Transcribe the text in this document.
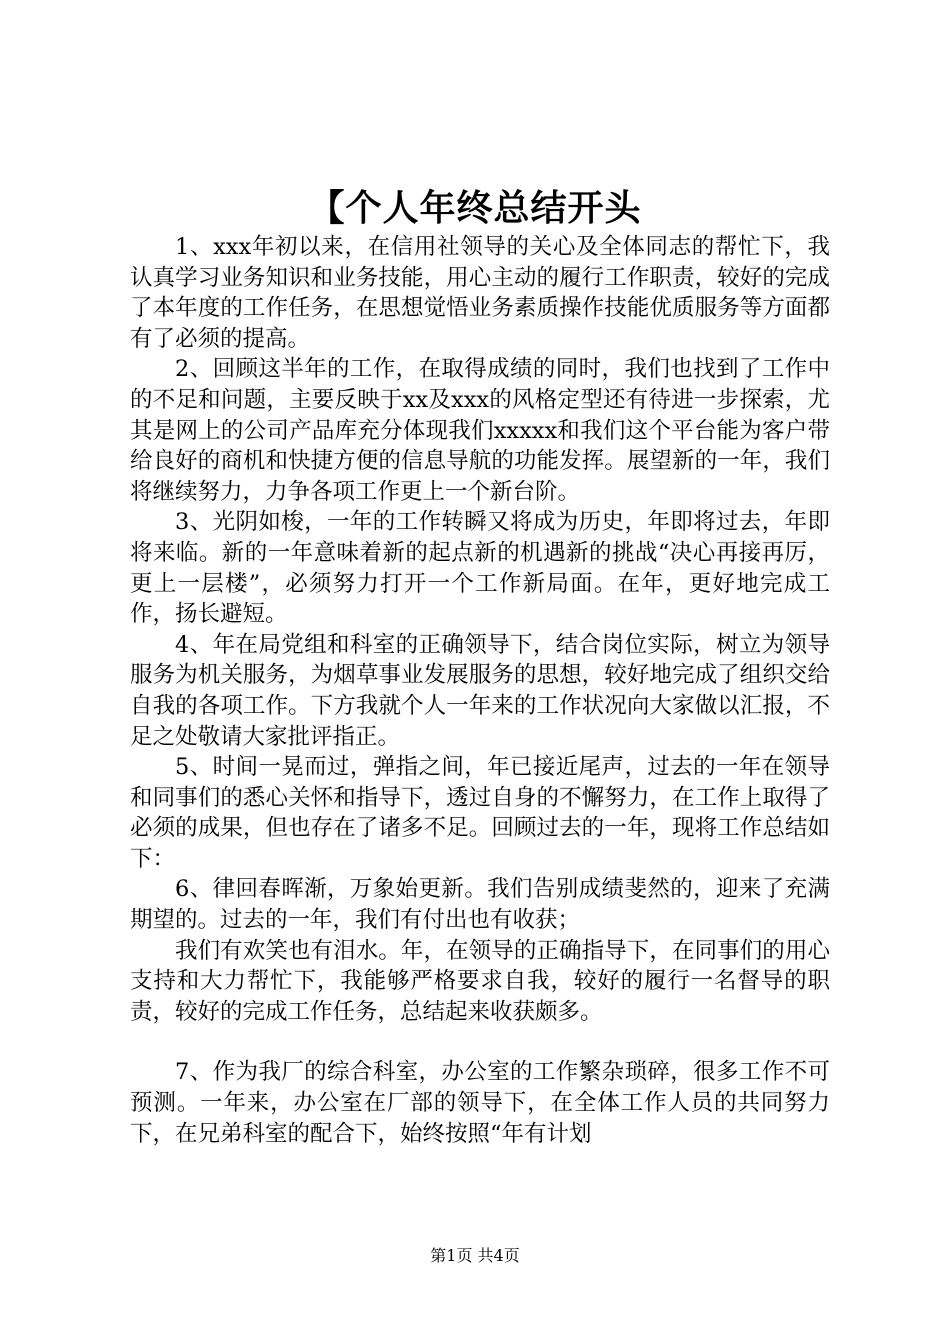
【个人年终总结开头

1、xxx年初以来，在信用社领导的关心及全体同志的帮忙下，我认真学习业务知识和业务技能，用心主动的履行工作职责，较好的完成了本年度的工作任务，在思想觉悟业务素质操作技能优质服务等方面都有了必须的提高。

2、回顾这半年的工作，在取得成绩的同时，我们也找到了工作中的不足和问题，主要反映于xx及xxx的风格定型还有待进一步探索，尤其是网上的公司产品库充分体现我们xxxxx和我们这个平台能为客户带给良好的商机和快捷方便的信息导航的功能发挥。展望新的一年，我们将继续努力，力争各项工作更上一个新台阶。

3、光阴如梭，一年的工作转瞬又将成为历史，年即将过去，年即将来临。新的一年意味着新的起点新的机遇新的挑战“决心再接再厉，更上一层楼”，必须努力打开一个工作新局面。在年，更好地完成工作，扬长避短。

4、年在局党组和科室的正确领导下，结合岗位实际，树立为领导服务为机关服务，为烟草事业发展服务的思想，较好地完成了组织交给自我的各项工作。下方我就个人一年来的工作状况向大家做以汇报，不足之处敬请大家批评指正。

5、时间一晃而过，弹指之间，年已接近尾声，过去的一年在领导和同事们的悉心关怀和指导下，透过自身的不懈努力，在工作上取得了必须的成果，但也存在了诸多不足。回顾过去的一年，现将工作总结如下：

6、律回春晖渐，万象始更新。我们告别成绩斐然的，迎来了充满期望的。过去的一年，我们有付出也有收获；

我们有欢笑也有泪水。年，在领导的正确指导下，在同事们的用心支持和大力帮忙下，我能够严格要求自我，较好的履行一名督导的职责，较好的完成工作任务，总结起来收获颇多。

7、作为我厂的综合科室，办公室的工作繁杂琐碎，很多工作不可预测。一年来，办公室在厂部的领导下，在全体工作人员的共同努力下，在兄弟科室的配合下，始终按照“年有计划

第1页 共4页
